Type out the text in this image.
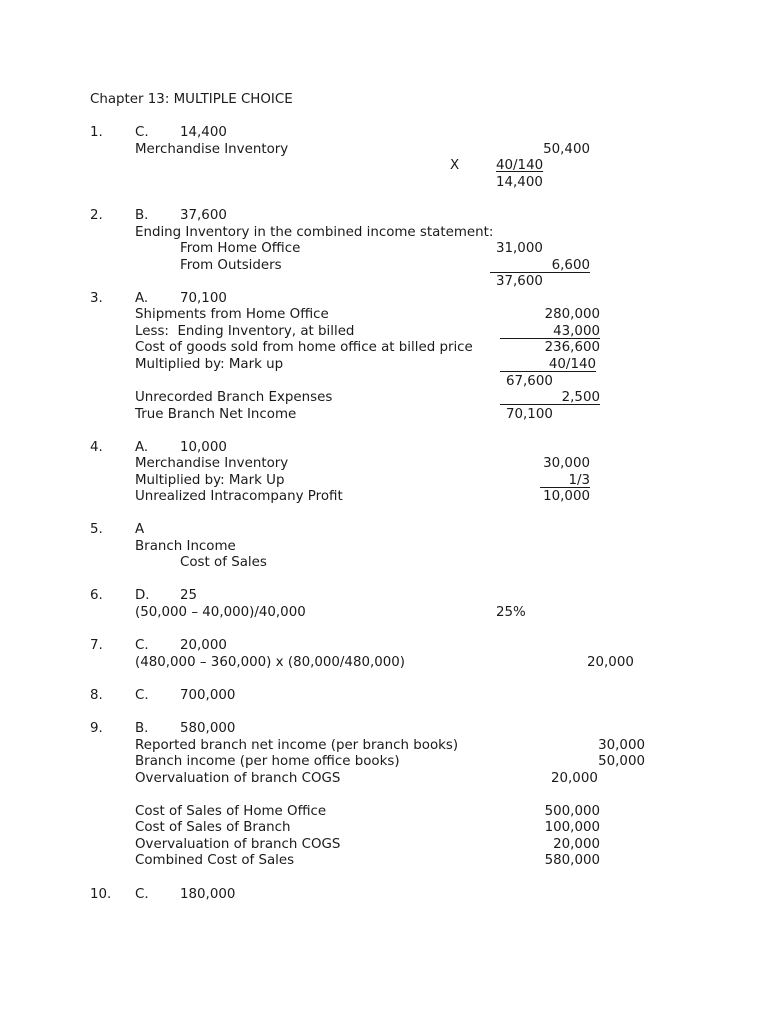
Chapter 13: MULTIPLE CHOICE
1. C. 14,400
Merchandise Inventory	50,400
X	40/140
14,400
2. B. 37,600
Ending Inventory in the combined income statement:
From Home Office	31,000
From Outsiders	6,600
37,600
3. A. 70,100
Shipments from Home Office	280,000
Less:  Ending Inventory, at billed	43,000
Cost of goods sold from home office at billed price	236,600
Multiplied by: Mark up	40/140
67,600
Unrecorded Branch Expenses	2,500
True Branch Net Income	70,100
4. A. 10,000
Merchandise Inventory	30,000
Multiplied by: Mark Up	1/3
Unrealized Intracompany Profit	10,000
5. A
Branch Income
Cost of Sales
6. D. 25
(50,000 – 40,000)/40,000	25%
7. C. 20,000
(480,000 – 360,000) x (80,000/480,000)	20,000
8. C. 700,000
9. B. 580,000
Reported branch net income (per branch books)	30,000
Branch income (per home office books)	50,000
Overvaluation of branch COGS	20,000
Cost of Sales of Home Office	500,000
Cost of Sales of Branch	100,000
Overvaluation of branch COGS	20,000
Combined Cost of Sales	580,000
10. C. 180,000
